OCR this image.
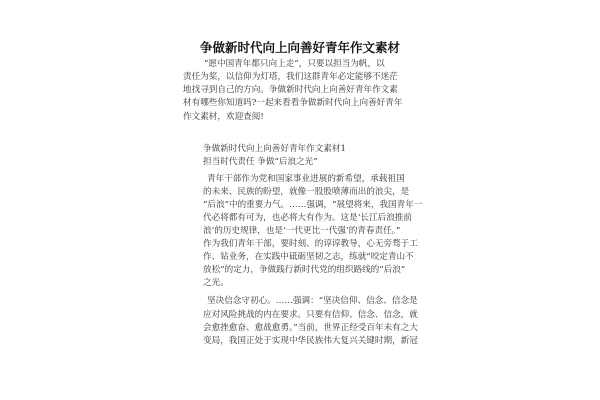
争做新时代向上向善好青年作文素材
“愿中国青年都只向上走”，只要以担当为帆，以
责任为桨，以信仰为灯塔，我们这群青年必定能够不迷茫
地找寻到自己的方向。争做新时代向上向善好青年作文素
材有哪些你知道吗?一起来看看争做新时代向上向善好青年
作文素材，欢迎查阅!
争做新时代向上向善好青年作文素材1
担当时代责任 争做“后浪之光”
青年干部作为党和国家事业进展的新希望，承载祖国
的未来、民族的盼望，就像一股股喷薄而出的浪尖，是
“后浪”中的重要力气。……强调，“展望将来，我国青年一
代必将都有可为，也必将大有作为。这是‘长江后浪推前
浪’的历史规律，也是‘一代更比一代强’的青春责任。”
作为我们青年干部，要时刻、的谆谆教导，心无旁骛于工
作、钻业务，在实践中砥砺坚韧之志，练就“咬定青山不
放松”的定力，争做践行新时代党的组织路线的“后浪”
之光。
坚决信念守初心。……强调：“坚决信仰、信念、信念是
应对风险挑战的内在要求。只要有信仰、信念、信念，就
会愈挫愈奋、愈战愈勇。”当前，世界正经受百年未有之大
变局，我国正处于实现中华民族伟大复兴关键时期，新冠
